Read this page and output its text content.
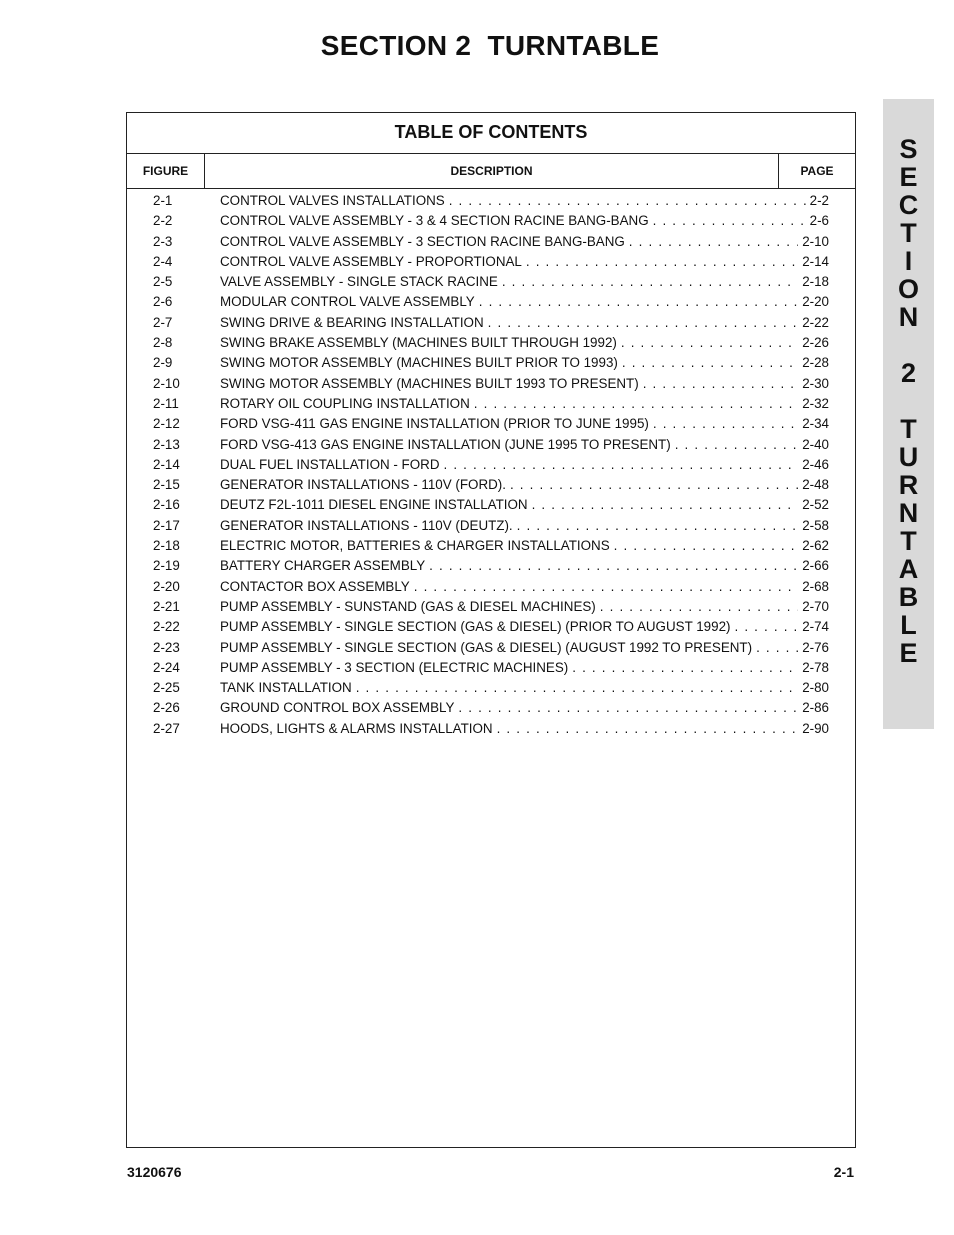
SECTION 2  TURNTABLE
TABLE OF CONTENTS
FIGURE	DESCRIPTION	PAGE
2-1	CONTROL VALVES INSTALLATIONS . . .	2-2
2-2	CONTROL VALVE ASSEMBLY - 3 & 4 SECTION RACINE BANG-BANG . . .	2-6
2-3	CONTROL VALVE ASSEMBLY - 3 SECTION RACINE BANG-BANG . . .	2-10
2-4	CONTROL VALVE ASSEMBLY - PROPORTIONAL . . .	2-14
2-5	VALVE ASSEMBLY - SINGLE STACK RACINE . . .	2-18
2-6	MODULAR CONTROL VALVE ASSEMBLY . . .	2-20
2-7	SWING DRIVE & BEARING INSTALLATION . . .	2-22
2-8	SWING BRAKE ASSEMBLY (MACHINES BUILT THROUGH 1992) . . .	2-26
2-9	SWING MOTOR ASSEMBLY (MACHINES BUILT PRIOR TO 1993) . . .	2-28
2-10	SWING MOTOR ASSEMBLY (MACHINES BUILT 1993 TO PRESENT) . . .	2-30
2-11	ROTARY OIL COUPLING INSTALLATION . . .	2-32
2-12	FORD VSG-411 GAS ENGINE INSTALLATION (PRIOR TO JUNE 1995) . . .	2-34
2-13	FORD VSG-413 GAS ENGINE INSTALLATION (JUNE 1995 TO PRESENT) . . .	2-40
2-14	DUAL FUEL INSTALLATION - FORD . . .	2-46
2-15	GENERATOR INSTALLATIONS - 110V (FORD). . . .	2-48
2-16	DEUTZ F2L-1011 DIESEL ENGINE INSTALLATION . . .	2-52
2-17	GENERATOR INSTALLATIONS - 110V (DEUTZ). . . .	2-58
2-18	ELECTRIC MOTOR, BATTERIES & CHARGER INSTALLATIONS . . .	2-62
2-19	BATTERY CHARGER ASSEMBLY . . .	2-66
2-20	CONTACTOR BOX ASSEMBLY . . .	2-68
2-21	PUMP ASSEMBLY - SUNSTAND (GAS & DIESEL MACHINES) . . .	2-70
2-22	PUMP ASSEMBLY - SINGLE SECTION (GAS & DIESEL) (PRIOR TO AUGUST 1992) . . .	2-74
2-23	PUMP ASSEMBLY - SINGLE SECTION (GAS & DIESEL) (AUGUST 1992 TO PRESENT) . . .	2-76
2-24	PUMP ASSEMBLY - 3 SECTION (ELECTRIC MACHINES) . . .	2-78
2-25	TANK INSTALLATION . . .	2-80
2-26	GROUND CONTROL BOX ASSEMBLY . . .	2-86
2-27	HOODS, LIGHTS & ALARMS INSTALLATION . . .	2-90

S
E
C
T
I
O
N

2

T
U
R
N
T
A
B
L
E

3120676	2-1
